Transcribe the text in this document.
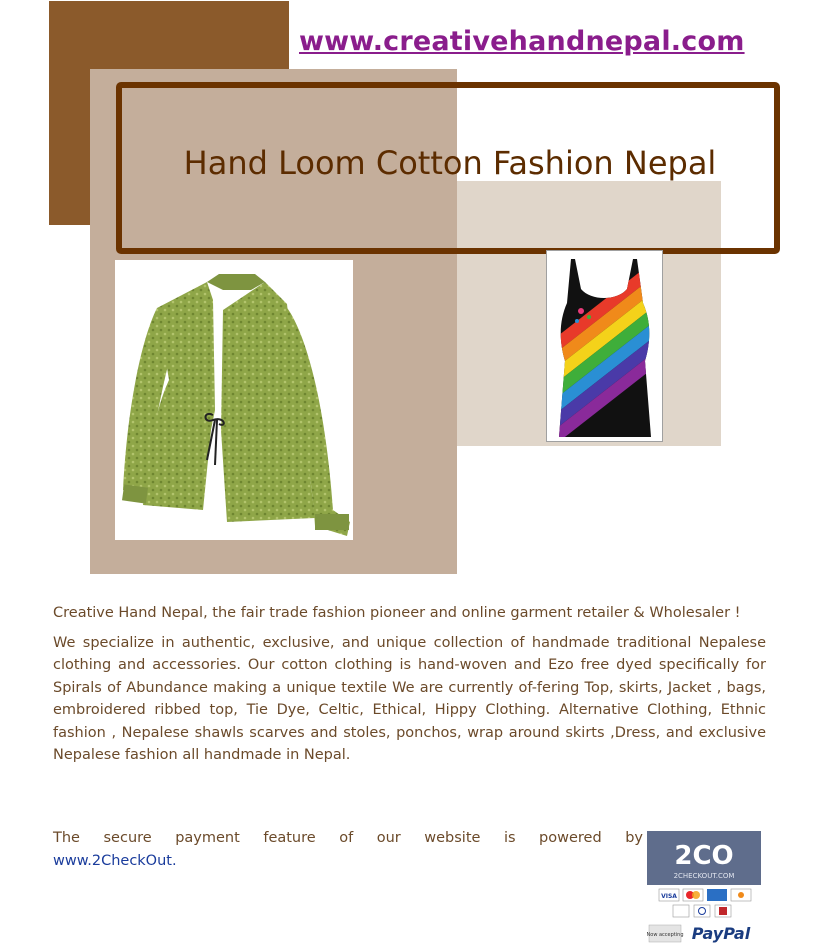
www.creativehandnepal.com
Hand Loom Cotton Fashion Nepal

Creative Hand Nepal, the fair trade fashion pioneer and online garment retailer & Wholesaler !

We specialize in authentic, exclusive, and unique collection of handmade traditional Nepalese clothing and accessories. Our cotton clothing is hand-woven and Ezo free dyed specifically for Spirals of Abundance making a unique textile We are currently of-fering Top, skirts, Jacket , bags, embroidered ribbed top, Tie Dye, Celtic, Ethical, Hippy Clothing. Alternative Clothing, Ethnic fashion , Nepalese shawls scarves and stoles, ponchos, wrap around skirts ,Dress, and exclusive Nepalese fashion all handmade in Nepal.

The secure payment feature of our website is powered by
www.2CheckOut.	2CO
2CHECKOUT.COM
VISA
Now accepting PayPal
